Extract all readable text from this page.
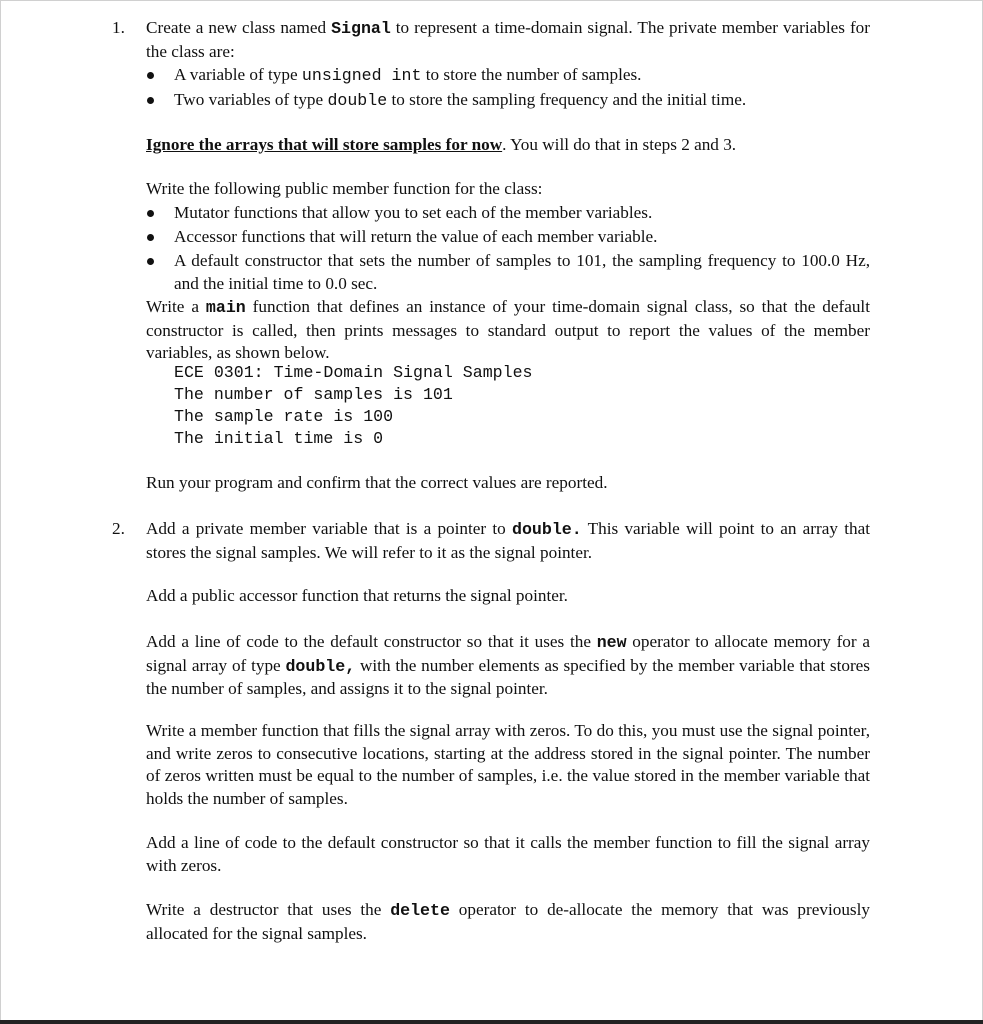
1. Create a new class named Signal to represent a time-domain signal. The private member variables for the class are:
A variable of type unsigned int to store the number of samples.
Two variables of type double to store the sampling frequency and the initial time.
Ignore the arrays that will store samples for now. You will do that in steps 2 and 3.
Write the following public member function for the class:
Mutator functions that allow you to set each of the member variables.
Accessor functions that will return the value of each member variable.
A default constructor that sets the number of samples to 101, the sampling frequency to 100.0 Hz, and the initial time to 0.0 sec.
Write a main function that defines an instance of your time-domain signal class, so that the default constructor is called, then prints messages to standard output to report the values of the member variables, as shown below.
ECE 0301: Time-Domain Signal Samples
The number of samples is 101
The sample rate is 100
The initial time is 0
Run your program and confirm that the correct values are reported.
2. Add a private member variable that is a pointer to double. This variable will point to an array that stores the signal samples. We will refer to it as the signal pointer.
Add a public accessor function that returns the signal pointer.
Add a line of code to the default constructor so that it uses the new operator to allocate memory for a signal array of type double, with the number elements as specified by the member variable that stores the number of samples, and assigns it to the signal pointer.
Write a member function that fills the signal array with zeros. To do this, you must use the signal pointer, and write zeros to consecutive locations, starting at the address stored in the signal pointer. The number of zeros written must be equal to the number of samples, i.e. the value stored in the member variable that holds the number of samples.
Add a line of code to the default constructor so that it calls the member function to fill the signal array with zeros.
Write a destructor that uses the delete operator to de-allocate the memory that was previously allocated for the signal samples.
